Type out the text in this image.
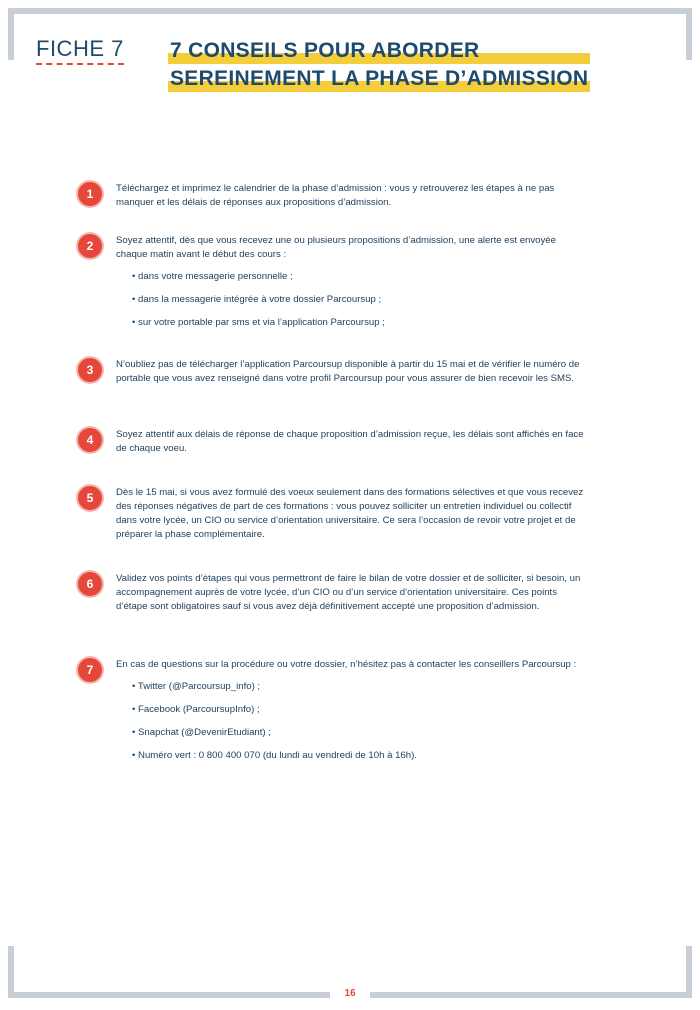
FICHE 7 7 CONSEILS POUR ABORDER
SEREINEMENT LA PHASE D’ADMISSION
1	Téléchargez et imprimez le calendrier de la phase d’admission : vous y retrouverez les étapes à ne pas manquer et les délais de réponses aux propositions d’admission.
2	Soyez attentif, dès que vous recevez une ou plusieurs propositions d’admission, une alerte est envoyée chaque matin avant le début des cours :
• dans votre messagerie personnelle ;
• dans la messagerie intégrée à votre dossier Parcoursup ;
• sur votre portable par sms et via l’application Parcoursup ;
3	N’oubliez pas de télécharger l’application Parcoursup disponible à partir du 15 mai et de vérifier le numéro de portable que vous avez renseigné dans votre profil Parcoursup pour vous assurer de bien recevoir les SMS.
4	Soyez attentif aux délais de réponse de chaque proposition d’admission reçue, les délais sont affichés en face de chaque voeu.
5	Dès le 15 mai, si vous avez formulé des voeux seulement dans des formations sélectives et que vous recevez des réponses négatives de part de ces formations : vous pouvez solliciter un entretien individuel ou collectif dans votre lycée, un CIO ou service d’orientation universitaire. Ce sera l’occasion de revoir votre projet et de préparer la phase complémentaire.
6	Validez vos points d’étapes qui vous permettront de faire le bilan de votre dossier et de solliciter, si besoin, un accompagnement auprès de votre lycée, d’un CIO ou d’un service d’orientation universitaire. Ces points d’étape sont obligatoires sauf si vous avez déjà définitivement accepté une proposition d’admission.
7	En cas de questions sur la procédure ou votre dossier, n’hésitez pas à contacter les conseillers Parcoursup :
• Twitter (@Parcoursup_info) ;
• Facebook (ParcoursupInfo) ;
• Snapchat (@DevenirEtudiant) ;
• Numéro vert : 0 800 400 070 (du lundi au vendredi de 10h à 16h).
16
